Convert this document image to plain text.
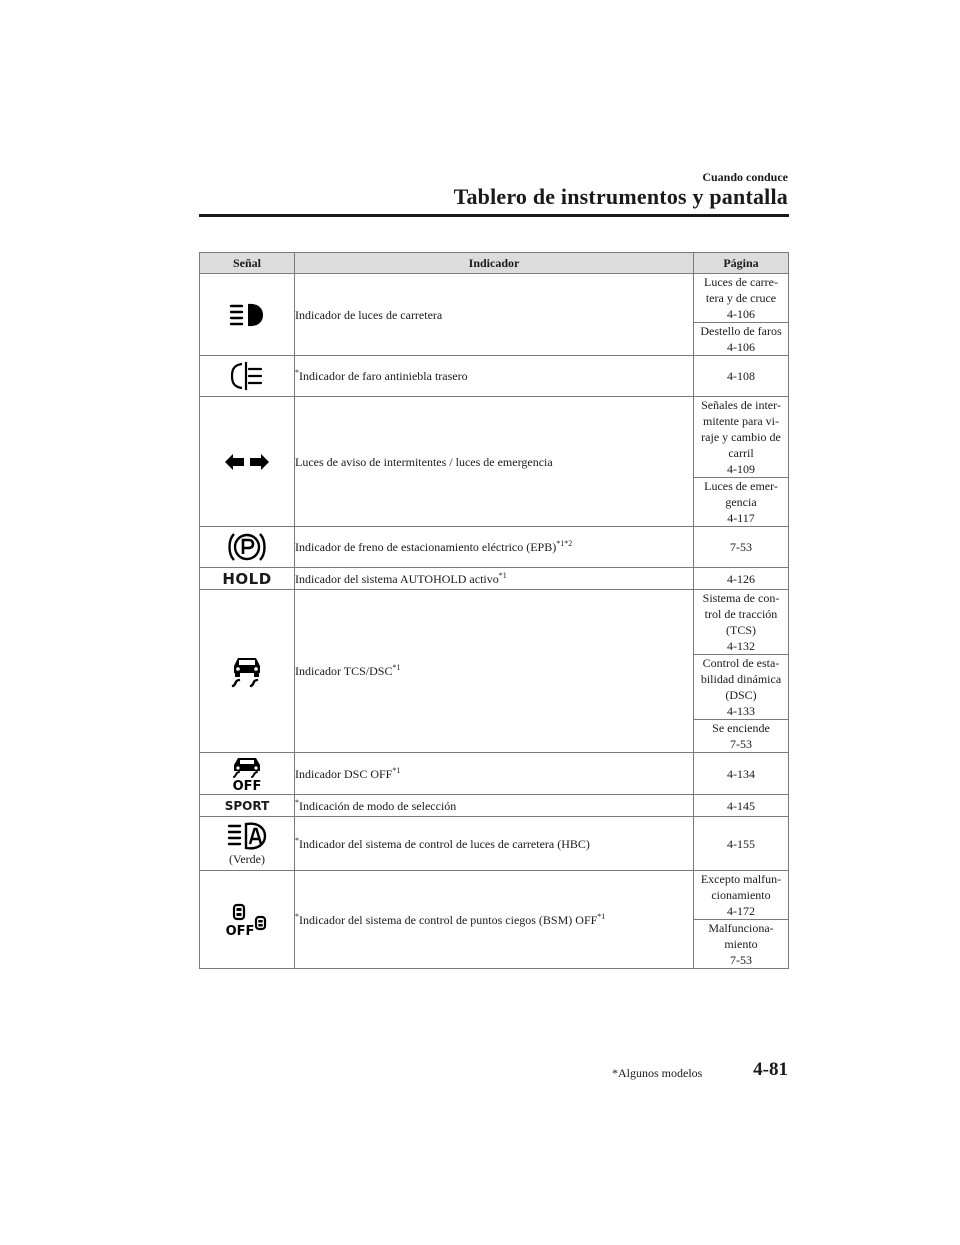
Cuando conduce
Tablero de instrumentos y pantalla
Señal	Indicador	Página

	Indicador de luces de carretera	Luces de carre-
tera y de cruce
4-106
		Destello de faros
4-106

	*Indicador de faro antiniebla trasero	4-108

	Luces de aviso de intermitentes / luces de emergencia	Señales de inter-
mitente para vi-
raje y cambio de
carril
4-109
		Luces de emer-
gencia
4-117

	Indicador de freno de estacionamiento eléctrico (EPB)$^{*1*2}$	7-53
HOLD	Indicador del sistema AUTOHOLD activo$^{*1}$	4-126

	Indicador TCS/DSC$^{*1}$	Sistema de con-
trol de tracción
(TCS)
4-132
		Control de esta-
bilidad dinámica
(DSC)
4-133
		Se enciende
7-53

OFF	Indicador DSC OFF$^{*1}$	4-134
SPORT	*Indicación de modo de selección	4-145

(Verde)	*Indicador del sistema de control de luces de carretera (HBC)	4-155

OFF	*Indicador del sistema de control de puntos ciegos (BSM) OFF$^{*1}$	Excepto malfun-
cionamiento
4-172
		Malfunciona-
miento
7-53
*Algunos modelos	4-81
